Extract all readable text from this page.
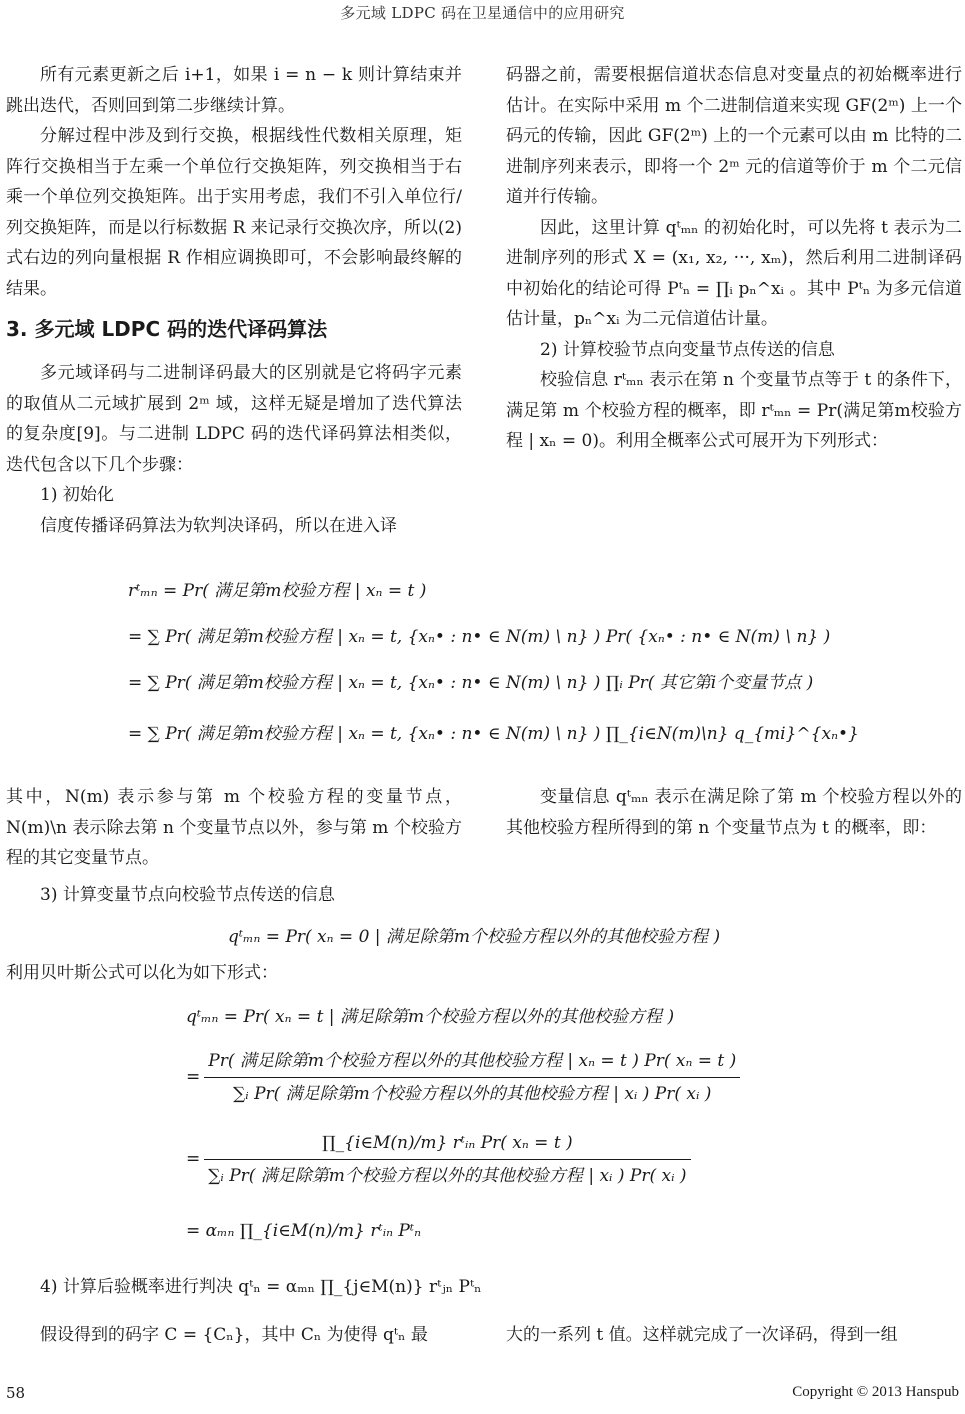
多元域 LDPC 码在卫星通信中的应用研究

所有元素更新之后 i+1，如果 i = n − k 则计算结束并跳出迭代，否则回到第二步继续计算。

分解过程中涉及到行交换，根据线性代数相关原理，矩阵行交换相当于左乘一个单位行交换矩阵，列交换相当于右乘一个单位列交换矩阵。出于实用考虑，我们不引入单位行/列交换矩阵，而是以行标数据 R 来记录行交换次序，所以(2)式右边的列向量根据 R 作相应调换即可，不会影响最终解的结果。

3. 多元域 LDPC 码的迭代译码算法

多元域译码与二进制译码最大的区别就是它将码字元素的取值从二元域扩展到 2ᵐ 域，这样无疑是增加了迭代算法的复杂度[9]。与二进制 LDPC 码的迭代译码算法相类似，迭代包含以下几个步骤：

1) 初始化

信度传播译码算法为软判决译码，所以在进入译

码器之前，需要根据信道状态信息对变量点的初始概率进行估计。在实际中采用 m 个二进制信道来实现 GF(2ᵐ) 上一个码元的传输，因此 GF(2ᵐ) 上的一个元素可以由 m 比特的二进制序列来表示，即将一个 2ᵐ 元的信道等价于 m 个二元信道并行传输。

因此，这里计算 qᵗₘₙ 的初始化时，可以先将 t 表示为二进制序列的形式 X = (x₁, x₂, ···, xₘ)，然后利用二进制译码中初始化的结论可得 Pᵗₙ = ∏ᵢ pₙ^xᵢ 。其中 Pᵗₙ 为多元信道估计量，pₙ^xᵢ 为二元信道估计量。

2) 计算校验节点向变量节点传送的信息

校验信息 rᵗₘₙ 表示在第 n 个变量节点等于 t 的条件下，满足第 m 个校验方程的概率，即 rᵗₘₙ = Pr(满足第m校验方程 | xₙ = 0)。利用全概率公式可展开为下列形式：

rᵗₘₙ = Pr( 满足第m校验方程 | xₙ = t )
= ∑ Pr( 满足第m校验方程 | xₙ = t, {xₙ• : n• ∈ N(m) \ n} ) Pr( {xₙ• : n• ∈ N(m) \ n} )
= ∑ Pr( 满足第m校验方程 | xₙ = t, {xₙ• : n• ∈ N(m) \ n} ) ∏ᵢ Pr( 其它第i个变量节点 )
= ∑ Pr( 满足第m校验方程 | xₙ = t, {xₙ• : n• ∈ N(m) \ n} ) ∏_{i∈N(m)\n} q_{mi}^{xₙ•}

其中，N(m) 表示参与第 m 个校验方程的变量节点，N(m)\n 表示除去第 n 个变量节点以外，参与第 m 个校验方程的其它变量节点。

3) 计算变量节点向校验节点传送的信息

变量信息 qᵗₘₙ 表示在满足除了第 m 个校验方程以外的其他校验方程所得到的第 n 个变量节点为 t 的概率，即：

qᵗₘₙ = Pr( xₙ = 0 | 满足除第m个校验方程以外的其他校验方程 )

利用贝叶斯公式可以化为如下形式：

qᵗₘₙ = Pr( xₙ = t | 满足除第m个校验方程以外的其他校验方程 )
= $\frac{\text{Pr( 满足除第m个校验方程以外的其他校验方程 | xₙ = t ) Pr( xₙ = t )}}{\text{∑ᵢ Pr( 满足除第m个校验方程以外的其他校验方程 | xᵢ ) Pr( xᵢ )}}$
= $\frac{\text{∏\_\{i∈M(n)/m\} rᵗᵢₙ Pr( xₙ = t )}}{\text{∑ᵢ Pr( 满足除第m个校验方程以外的其他校验方程 | xᵢ ) Pr( xᵢ )}}$
= αₘₙ ∏_{i∈M(n)/m} rᵗᵢₙ Pᵗₙ

4) 计算后验概率进行判决 qᵗₙ = αₘₙ ∏_{j∈M(n)} rᵗⱼₙ Pᵗₙ

假设得到的码字 C = {Cₙ}，其中 Cₙ 为使得 qᵗₙ 最	大的一系列 t 值。这样就完成了一次译码，得到一组

58	Copyright © 2013 Hanspub
